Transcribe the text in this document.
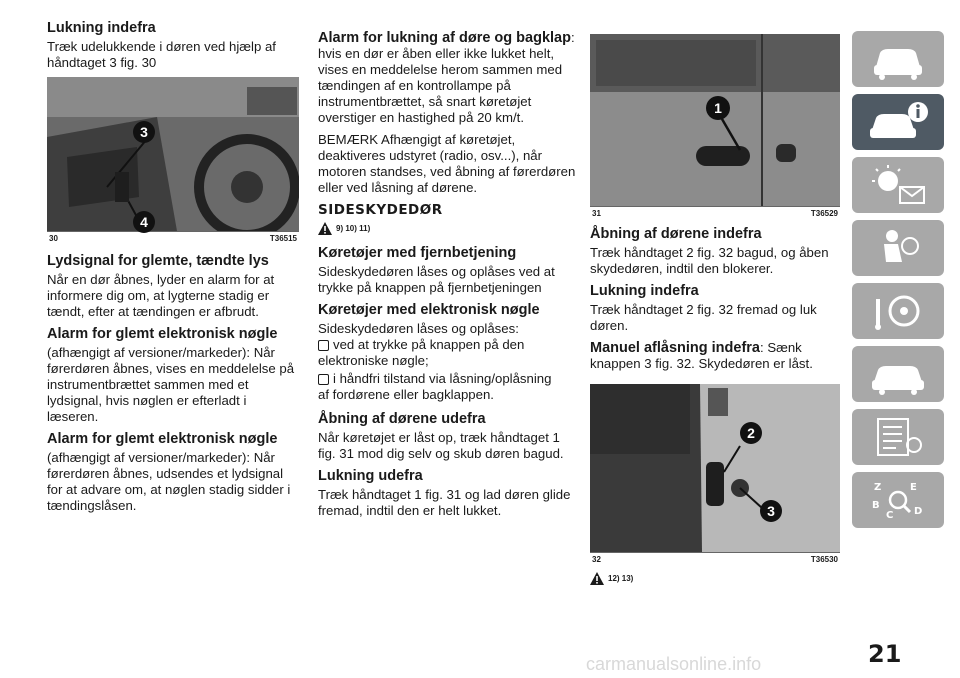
Lukning indefra

Træk udelukkende i døren ved hjælp af håndtaget 3 fig. 30

3
4
30	T36515
Lydsignal for glemte, tændte lys

Når en dør åbnes, lyder en alarm for at informere dig om, at lygterne stadig er tændt, efter at tændingen er afbrudt.

Alarm for glemt elektronisk nøgle

(afhængigt af versioner/markeder): Når førerdøren åbnes, vises en meddelelse på instrumentbrættet sammen med et lydsignal, hvis nøglen er efterladt i læseren.

Alarm for glemt elektronisk nøgle

(afhængigt af versioner/markeder): Når førerdøren åbnes, udsendes et lydsignal for at advare om, at nøglen stadig sidder i tændingslåsen.

Alarm for lukning af døre og bagklap: hvis en dør er åben eller ikke lukket helt, vises en meddelelse herom sammen med tændingen af en kontrollampe på instrumentbrættet, så snart køretøjet overstiger en hastighed på 20 km/t.

BEMÆRK Afhængigt af køretøjet, deaktiveres udstyret (radio, osv...), når motoren standses, ved åbning af førerdøren eller ved låsning af dørene.

SIDESKYDEDØR
9) 10) 11)
Køretøjer med fjernbetjening

Sideskydedøren låses og oplåses ved at trykke på knappen på fjernbetjeningen

Køretøjer med elektronisk nøgle

Sideskydedøren låses og oplåses:

ved at trykke på knappen på den

elektroniske nøgle;

i håndfri tilstand via låsning/oplåsning

af fordørene eller bagklappen.

Åbning af dørene udefra

Når køretøjet er låst op, træk håndtaget 1 fig. 31 mod dig selv og skub døren bagud.

Lukning udefra

Træk håndtaget 1 fig. 31 og lad døren glide fremad, indtil den er helt lukket.

1
31	T36529
Åbning af dørene indefra

Træk håndtaget 2 fig. 32 bagud, og åben skydedøren, indtil den blokerer.

Lukning indefra

Træk håndtaget 2 fig. 32 fremad og luk døren.

Manuel aflåsning indefra: Sænk knappen 3 fig. 32. Skydedøren er låst.

2
3
32	T36530
12) 13)
Z	E
B
C D
21
carmanualsonline.info
